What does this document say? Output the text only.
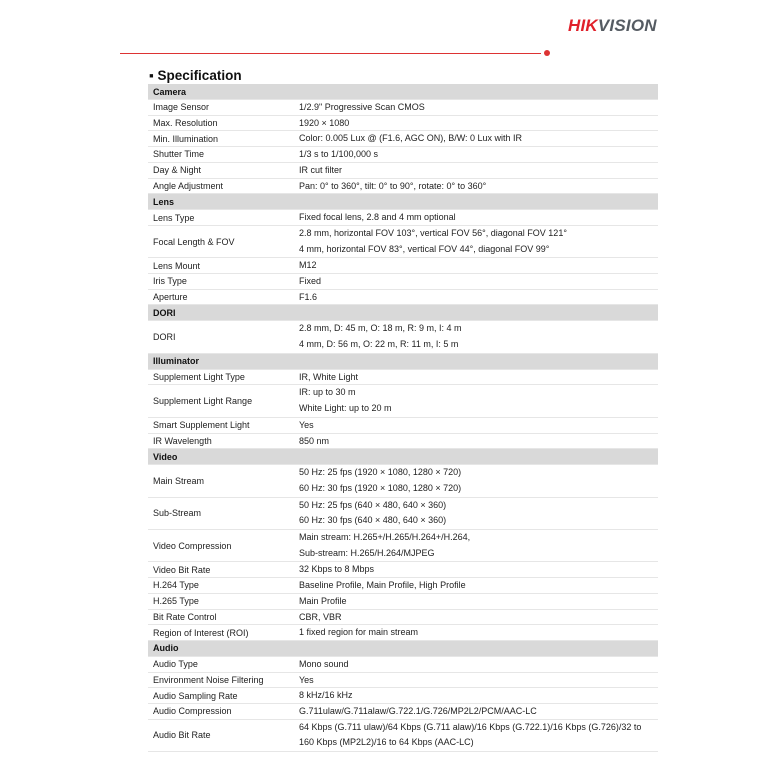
HIKVISION
▪ Specification
Camera	
Image Sensor	1/2.9" Progressive Scan CMOS

Max. Resolution	1920 × 1080

Min. Illumination	Color: 0.005 Lux @ (F1.6, AGC ON), B/W: 0 Lux with IR

Shutter Time	1/3 s to 1/100,000 s

Day & Night	IR cut filter

Angle Adjustment	Pan: 0° to 360°, tilt: 0° to 90°, rotate: 0° to 360°

Lens	
Lens Type	Fixed focal lens, 2.8 and 4 mm optional

Focal Length & FOV	2.8 mm, horizontal FOV 103°, vertical FOV 56°, diagonal FOV 121°
4 mm, horizontal FOV 83°, vertical FOV 44°, diagonal FOV 99°

Lens Mount	M12

Iris Type	Fixed

Aperture	F1.6

DORI	
DORI	2.8 mm, D: 45 m, O: 18 m, R: 9 m, I: 4 m
4 mm, D: 56 m, O: 22 m, R: 11 m, I: 5 m

Illuminator	
Supplement Light Type	IR, White Light

Supplement Light Range	IR: up to 30 m
White Light: up to 20 m

Smart Supplement Light	Yes

IR Wavelength	850 nm

Video	
Main Stream	50 Hz: 25 fps (1920 × 1080, 1280 × 720)
60 Hz: 30 fps (1920 × 1080, 1280 × 720)

Sub-Stream	50 Hz: 25 fps (640 × 480, 640 × 360)
60 Hz: 30 fps (640 × 480, 640 × 360)

Video Compression	Main stream: H.265+/H.265/H.264+/H.264,
Sub-stream: H.265/H.264/MJPEG

Video Bit Rate	32 Kbps to 8 Mbps

H.264 Type	Baseline Profile, Main Profile, High Profile

H.265 Type	Main Profile

Bit Rate Control	CBR, VBR

Region of Interest (ROI)	1 fixed region for main stream

Audio	
Audio Type	Mono sound

Environment Noise Filtering	Yes

Audio Sampling Rate	8 kHz/16 kHz

Audio Compression	G.711ulaw/G.711alaw/G.722.1/G.726/MP2L2/PCM/AAC-LC

Audio Bit Rate	64 Kbps (G.711 ulaw)/64 Kbps (G.711 alaw)/16 Kbps (G.722.1)/16 Kbps (G.726)/32 to
160 Kbps (MP2L2)/16 to 64 Kbps (AAC-LC)
